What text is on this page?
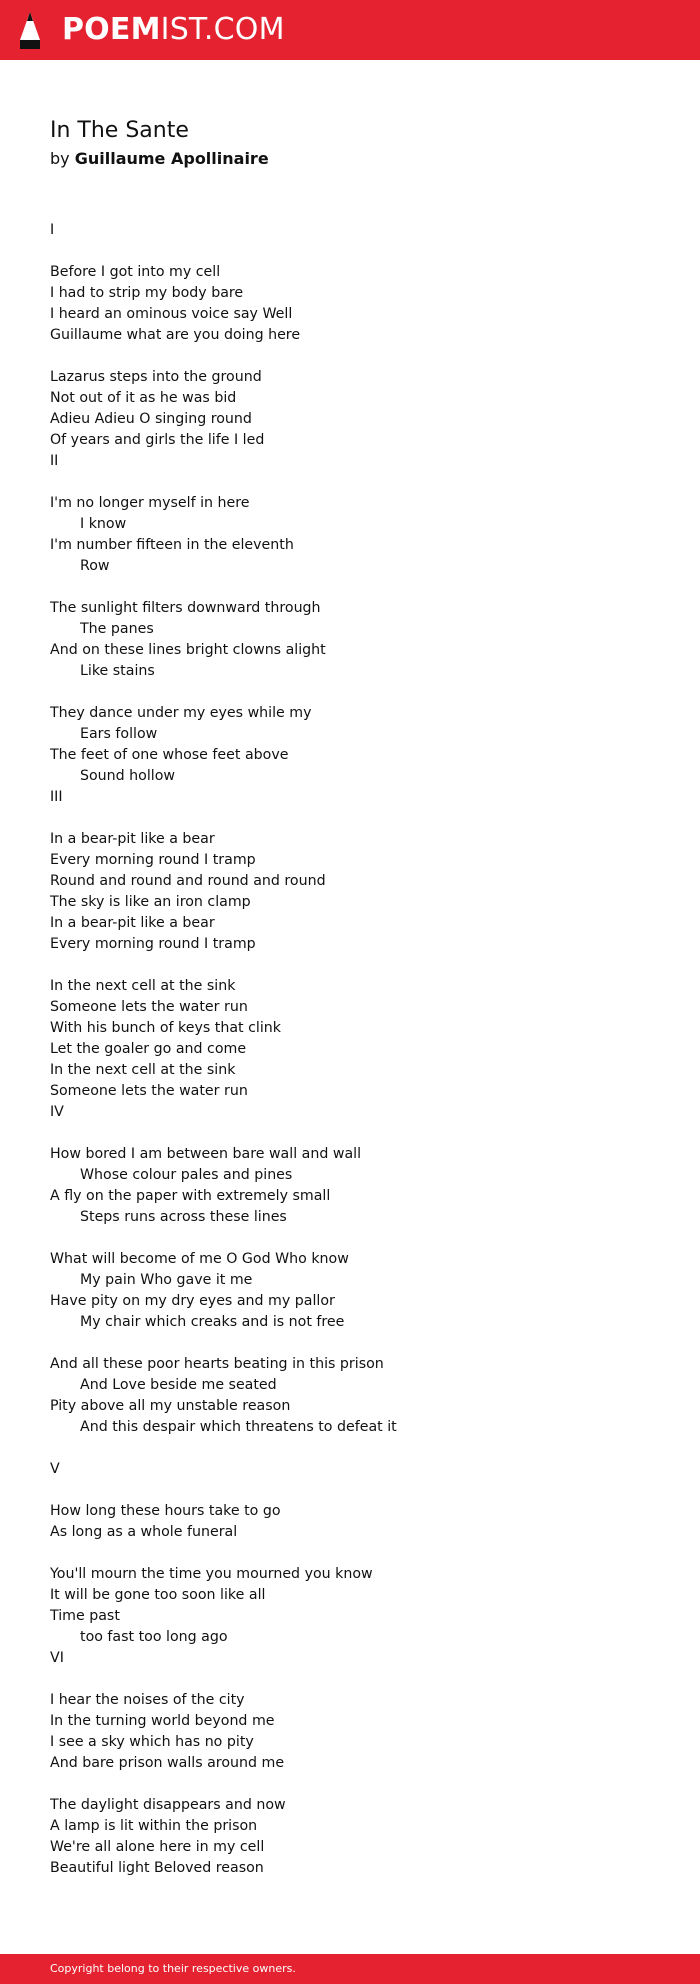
POEMIST.COM
In The Sante
by Guillaume Apollinaire
I
Before I got into my cell
I had to strip my body bare
I heard an ominous voice say Well
Guillaume what are you doing here
Lazarus steps into the ground
Not out of it as he was bid
Adieu Adieu O singing round
Of years and girls the life I led
II
I'm no longer myself in here
I know
I'm number fifteen in the eleventh
Row
The sunlight filters downward through
The panes
And on these lines bright clowns alight
Like stains
They dance under my eyes while my
Ears follow
The feet of one whose feet above
Sound hollow
III
In a bear-pit like a bear
Every morning round I tramp
Round and round and round and round
The sky is like an iron clamp
In a bear-pit like a bear
Every morning round I tramp
In the next cell at the sink
Someone lets the water run
With his bunch of keys that clink
Let the goaler go and come
In the next cell at the sink
Someone lets the water run
IV
How bored I am between bare wall and wall
Whose colour pales and pines
A fly on the paper with extremely small
Steps runs across these lines
What will become of me O God Who know
My pain Who gave it me
Have pity on my dry eyes and my pallor
My chair which creaks and is not free
And all these poor hearts beating in this prison
And Love beside me seated
Pity above all my unstable reason
And this despair which threatens to defeat it
V
How long these hours take to go
As long as a whole funeral
You'll mourn the time you mourned you know
It will be gone too soon like all
Time past
too fast too long ago
VI
I hear the noises of the city
In the turning world beyond me
I see a sky which has no pity
And bare prison walls around me
The daylight disappears and now
A lamp is lit within the prison
We're all alone here in my cell
Beautiful light Beloved reason
Copyright belong to their respective owners.
